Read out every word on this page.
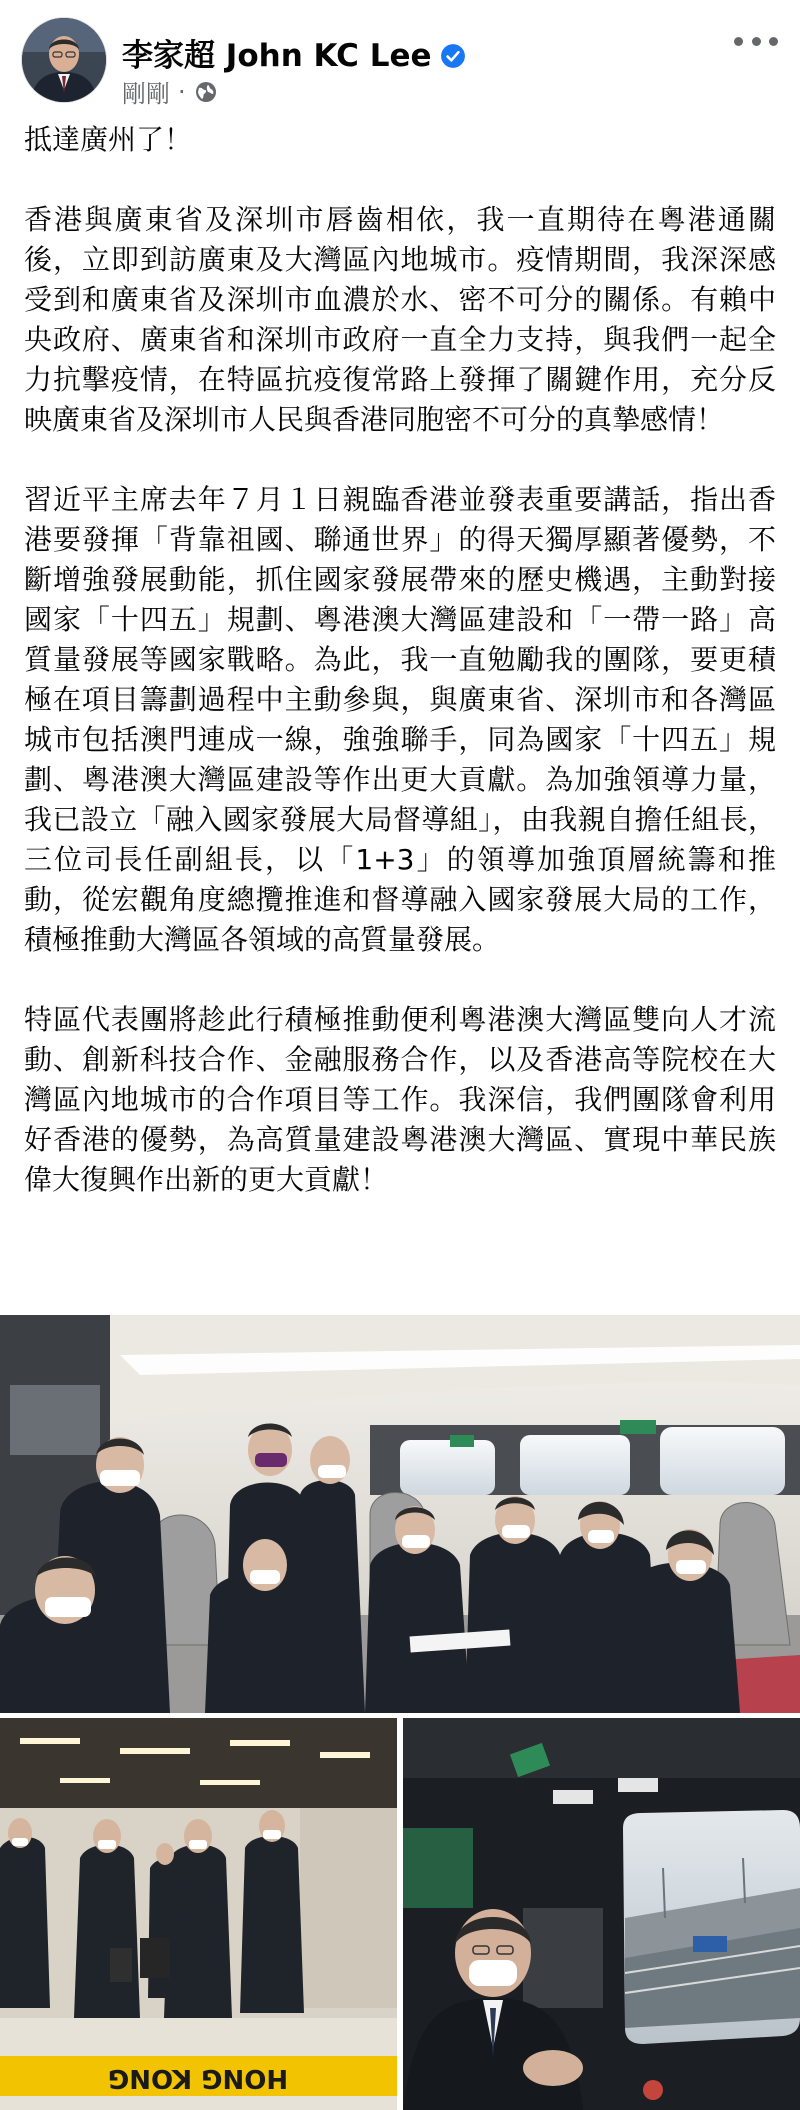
李家超 John KC Lee
剛剛 ·

抵達廣州了！

香港與廣東省及深圳市唇齒相依，我一直期待在粵港通關後，立即到訪廣東及大灣區內地城市。疫情期間，我深深感受到和廣東省及深圳市血濃於水、密不可分的關係。有賴中央政府、廣東省和深圳市政府一直全力支持，與我們一起全力抗擊疫情，在特區抗疫復常路上發揮了關鍵作用，充分反映廣東省及深圳市人民與香港同胞密不可分的真摯感情！

習近平主席去年７月１日親臨香港並發表重要講話，指出香港要發揮「背靠祖國、聯通世界」的得天獨厚顯著優勢，不斷增強發展動能，抓住國家發展帶來的歷史機遇，主動對接國家「十四五」規劃、粵港澳大灣區建設和「一帶一路」高質量發展等國家戰略。為此，我一直勉勵我的團隊，要更積極在項目籌劃過程中主動參與，與廣東省、深圳市和各灣區城市包括澳門連成一線，強強聯手，同為國家「十四五」規劃、粵港澳大灣區建設等作出更大貢獻。為加強領導力量，我已設立「融入國家發展大局督導組」，由我親自擔任組長，三位司長任副組長，以「1+3」的領導加強頂層統籌和推動，從宏觀角度總攬推進和督導融入國家發展大局的工作，積極推動大灣區各領域的高質量發展。

特區代表團將趁此行積極推動便利粵港澳大灣區雙向人才流動、創新科技合作、金融服務合作，以及香港高等院校在大灣區內地城市的合作項目等工作。我深信，我們團隊會利用好香港的優勢，為高質量建設粵港澳大灣區、實現中華民族偉大復興作出新的更大貢獻！

HONG KONG
